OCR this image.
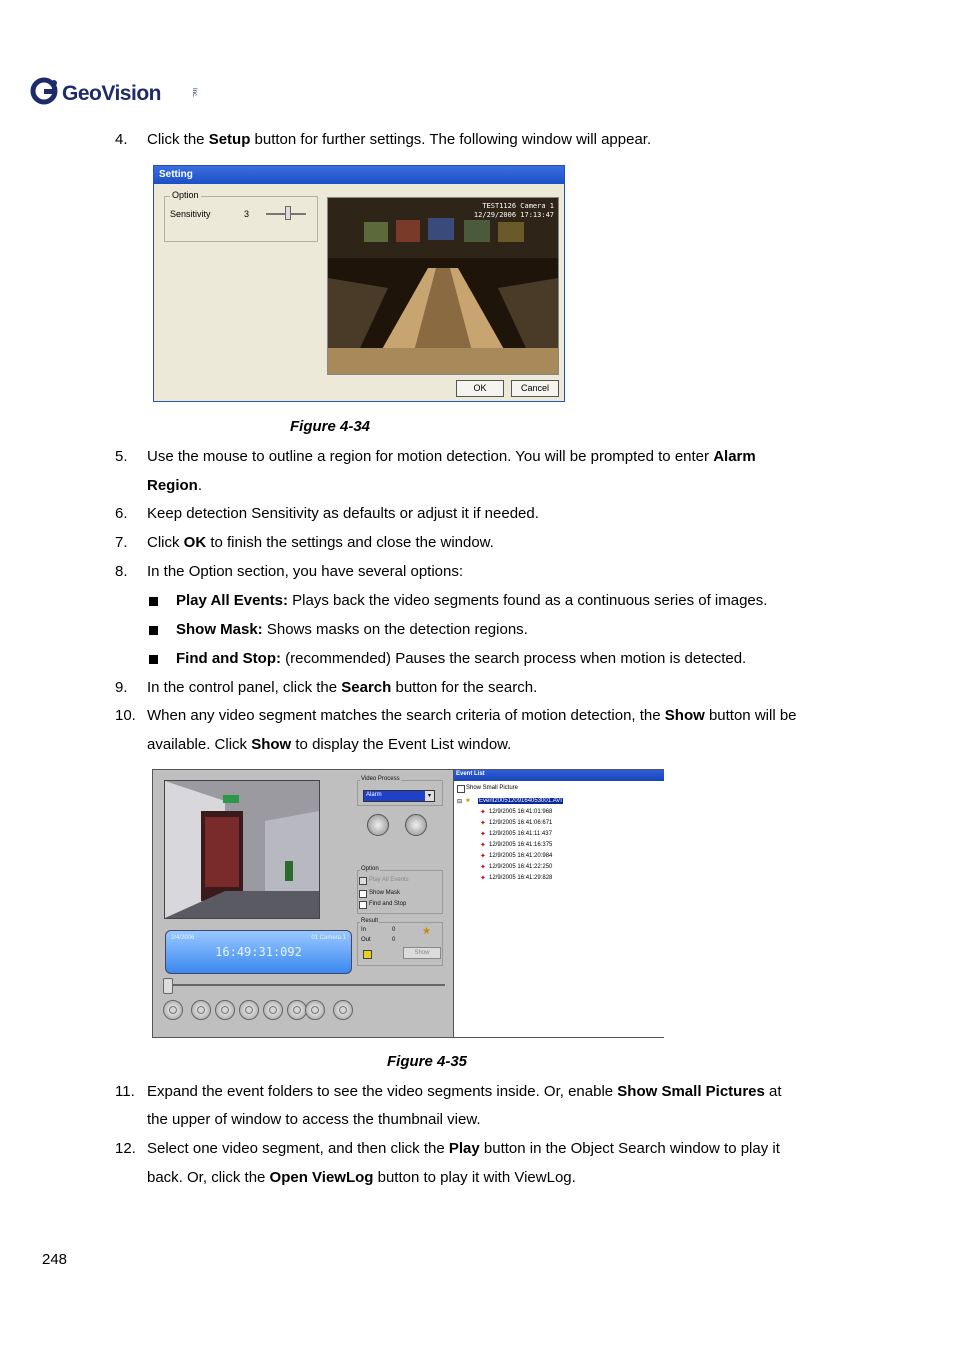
GeoVision	Inc.
4.	Click the Setup button for further settings. The following window will appear.
Setting
Option
Sensitivity	3
TEST1126 Camera 1
12/29/2006 17:13:47
OK	Cancel
Figure 4-34
5.	Use the mouse to outline a region for motion detection. You will be prompted to enter Alarm
Region.
6.	Keep detection Sensitivity as defaults or adjust it if needed.
7.	Click OK to finish the settings and close the window.
8.	In the Option section, you have several options:
Play All Events: Plays back the video segments found as a continuous series of images.
Show Mask: Shows masks on the detection regions.
Find and Stop: (recommended) Pauses the search process when motion is detected.
9.	In the control panel, click the Search button for the search.
10. When any video segment matches the search criteria of motion detection, the Show button will be
available. Click Show to display the Event List window.
2/4/2006	01 Camera 1
16:49:31:092
Video Process
Alarm	▾
Option
Play All Events
Show Mask
Find and Stop
Result
In	0
Out	0
★
Show
Event List
Show Small Picture
⊟ ■ Event20051209164053001.AVI
✦ 12/9/2005 16:41:01:968
✦ 12/9/2005 16:41:06:671
✦ 12/9/2005 16:41:11:437
✦ 12/9/2005 16:41:16:375
✦ 12/9/2005 16:41:20:984
✦ 12/9/2005 16:41:22:250
✦ 12/9/2005 16:41:29:828
Figure 4-35
11. Expand the event folders to see the video segments inside. Or, enable Show Small Pictures at
the upper of window to access the thumbnail view.
12. Select one video segment, and then click the Play button in the Object Search window to play it
back. Or, click the Open ViewLog button to play it with ViewLog.
248
